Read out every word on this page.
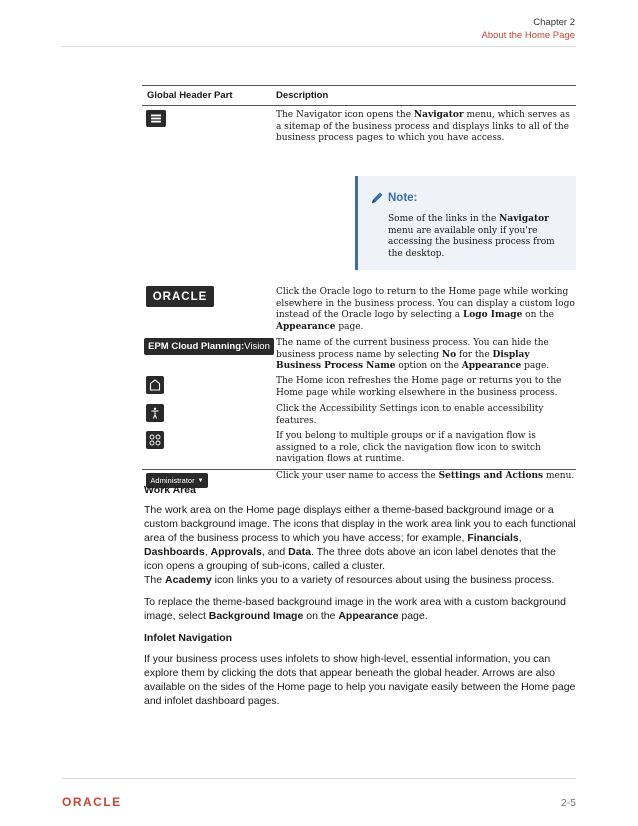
Chapter 2
About the Home Page
Global Header Part	Description
The Navigator icon opens the Navigator menu, which serves as a sitemap of the business process and displays links to all of the business process pages to which you have access.
Note:
Some of the links in the Navigator menu are available only if you're accessing the business process from the desktop.
ORACLE	Click the Oracle logo to return to the Home page while working elsewhere in the business process. You can display a custom logo instead of the Oracle logo by selecting a Logo Image on the Appearance page.
EPM Cloud Planning: Vision The name of the current business process. You can hide the business process name by selecting No for the Display Business Process Name option on the Appearance page.
The Home icon refreshes the Home page or returns you to the Home page while working elsewhere in the business process.
Click the Accessibility Settings icon to enable accessibility features.
If you belong to multiple groups or if a navigation flow is assigned to a role, click the navigation flow icon to switch navigation flows at runtime.
Administrator ▼	Click your user name to access the Settings and Actions menu.
Work Area
The work area on the Home page displays either a theme-based background image or a custom background image. The icons that display in the work area link you to each functional area of the business process to which you have access; for example, Financials, Dashboards, Approvals, and Data. The three dots above an icon label denotes that the icon opens a grouping of sub-icons, called a cluster.
The Academy icon links you to a variety of resources about using the business process.
To replace the theme-based background image in the work area with a custom background image, select Background Image on the Appearance page.
Infolet Navigation
If your business process uses infolets to show high-level, essential information, you can explore them by clicking the dots that appear beneath the global header. Arrows are also available on the sides of the Home page to help you navigate easily between the Home page and infolet dashboard pages.
ORACLE	2-5
